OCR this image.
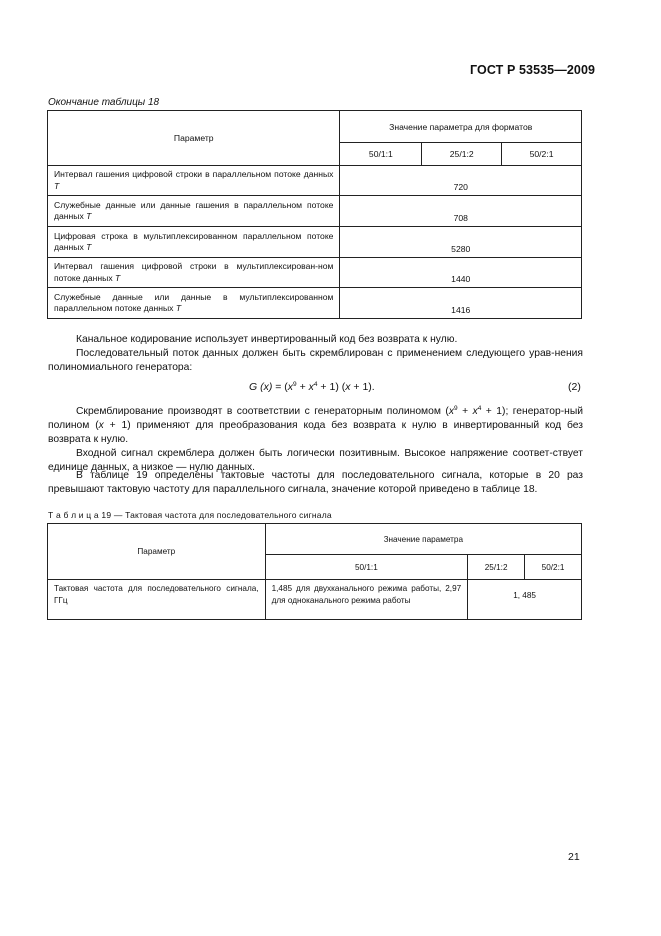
ГОСТ Р 53535—2009
Окончание таблицы 18
Параметр	Значение параметра для форматов		
	50/1:1	25/1:2	50/2:1
Интервал гашения цифровой строки в параллельном потоке данных T	720		
Служебные данные или данные гашения в параллельном потоке данных T	708		
Цифровая строка в мультиплексированном параллельном потоке данных T	5280		
Интервал гашения цифровой строки в мультиплексирован-ном потоке данных T	1440		
Служебные данные или данные в мультиплексированном параллельном потоке данных T	1416		
Канальное кодирование использует инвертированный код без возврата к нулю.
Последовательный поток данных должен быть скремблирован с применением следующего урав-нения полиномиального генератора:
G $(x) = (x^9 + x^4 + 1) (x + 1)$.	(2)
Скремблирование производят в соответствии с генераторным полиномом $(x^9 + x^4 + 1)$; генератор-ный полином (x + 1) применяют для преобразования кода без возврата к нулю в инвертированный код без возврата к нулю.
Входной сигнал скремблера должен быть логически позитивным. Высокое напряжение соответ-ствует единице данных, а низкое — нулю данных.
В таблице 19 определены тактовые частоты для последовательного сигнала, которые в 20 раз превышают тактовую частоту для параллельного сигнала, значение которой приведено в таблице 18.
Т а б л и ц а 19 — Тактовая частота для последовательного сигнала
Параметр	Значение параметра		
	50/1:1	25/1:2	50/2:1
Тактовая частота для последовательного сигнала, ГГц	1,485 для двухканального режима работы, 2,97 для одноканального режима работы	1, 485	
21
